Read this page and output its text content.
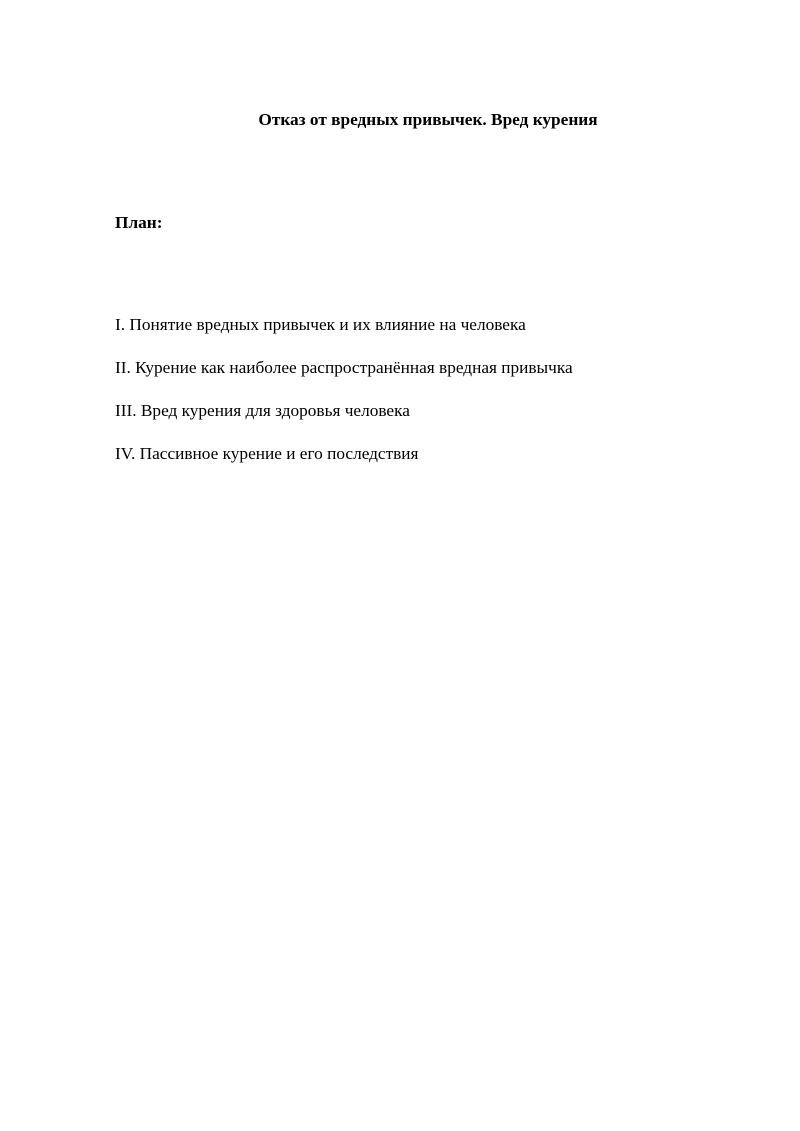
Отказ от вредных привычек. Вред курения
План:
I. Понятие вредных привычек и их влияние на человека
II. Курение как наиболее распространённая вредная привычка
III. Вред курения для здоровья человека
IV. Пассивное курение и его последствия
